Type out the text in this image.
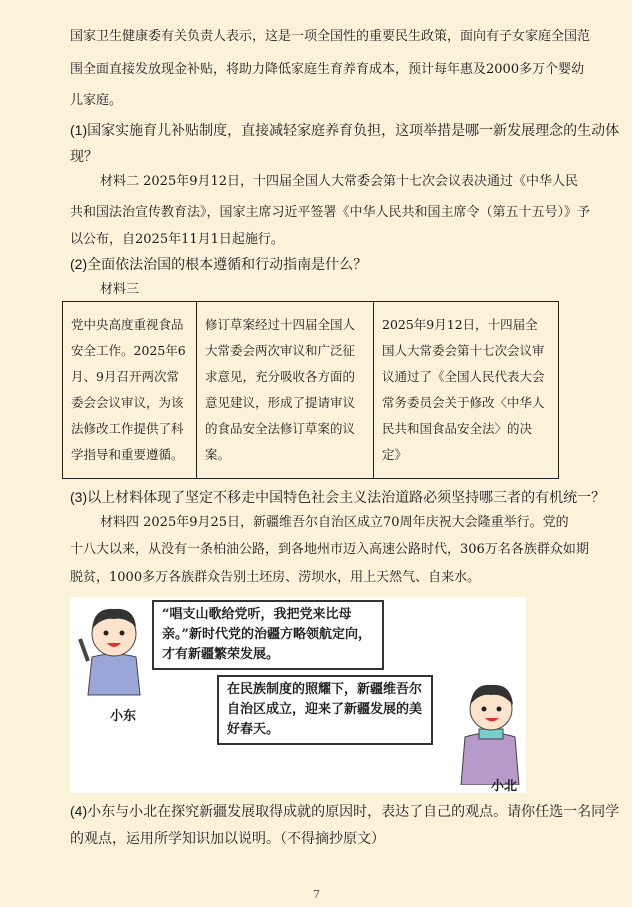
国家卫生健康委有关负责人表示，这是一项全国性的重要民生政策，面向有子女家庭全国范
围全面直接发放现金补贴，将助力降低家庭生育养育成本，预计每年惠及2000多万个婴幼
儿家庭。
(1)国家实施育儿补贴制度，直接减轻家庭养育负担，这项举措是哪一新发展理念的生动体
现？
材料二 2025年9月12日，十四届全国人大常委会第十七次会议表决通过《中华人民
共和国法治宣传教育法》，国家主席习近平签署《中华人民共和国主席令（第五十五号）》予
以公布，自2025年11月1日起施行。
(2)全面依法治国的根本遵循和行动指南是什么？
材料三
党中央高度重视食品安全工作。2025年6月、9月召开两次常委会会议审议，为该法修改工作提供了科学指导和重要遵循。	修订草案经过十四届全国人大常委会两次审议和广泛征求意见，充分吸收各方面的意见建议，形成了提请审议的食品安全法修订草案的议案。	2025年9月12日，十四届全国人大常委会第十七次会议审议通过了《全国人民代表大会常务委员会关于修改〈中华人民共和国食品安全法〉的决定》
(3)以上材料体现了坚定不移走中国特色社会主义法治道路必须坚持哪三者的有机统一？
材料四 2025年9月25日，新疆维吾尔自治区成立70周年庆祝大会隆重举行。党的
十八大以来，从没有一条柏油公路，到各地州市迈入高速公路时代，306万名各族群众如期
脱贫，1000多万各族群众告别土坯房、涝坝水，用上天然气、自来水。
小东
“唱支山歌给党听，我把党来比母亲。”新时代党的治疆方略领航定向，才有新疆繁荣发展。
小北
在民族制度的照耀下，新疆维吾尔自治区成立，迎来了新疆发展的美好春天。
(4)小东与小北在探究新疆发展取得成就的原因时，表达了自己的观点。请你任选一名同学
的观点，运用所学知识加以说明。（不得摘抄原文）
7
